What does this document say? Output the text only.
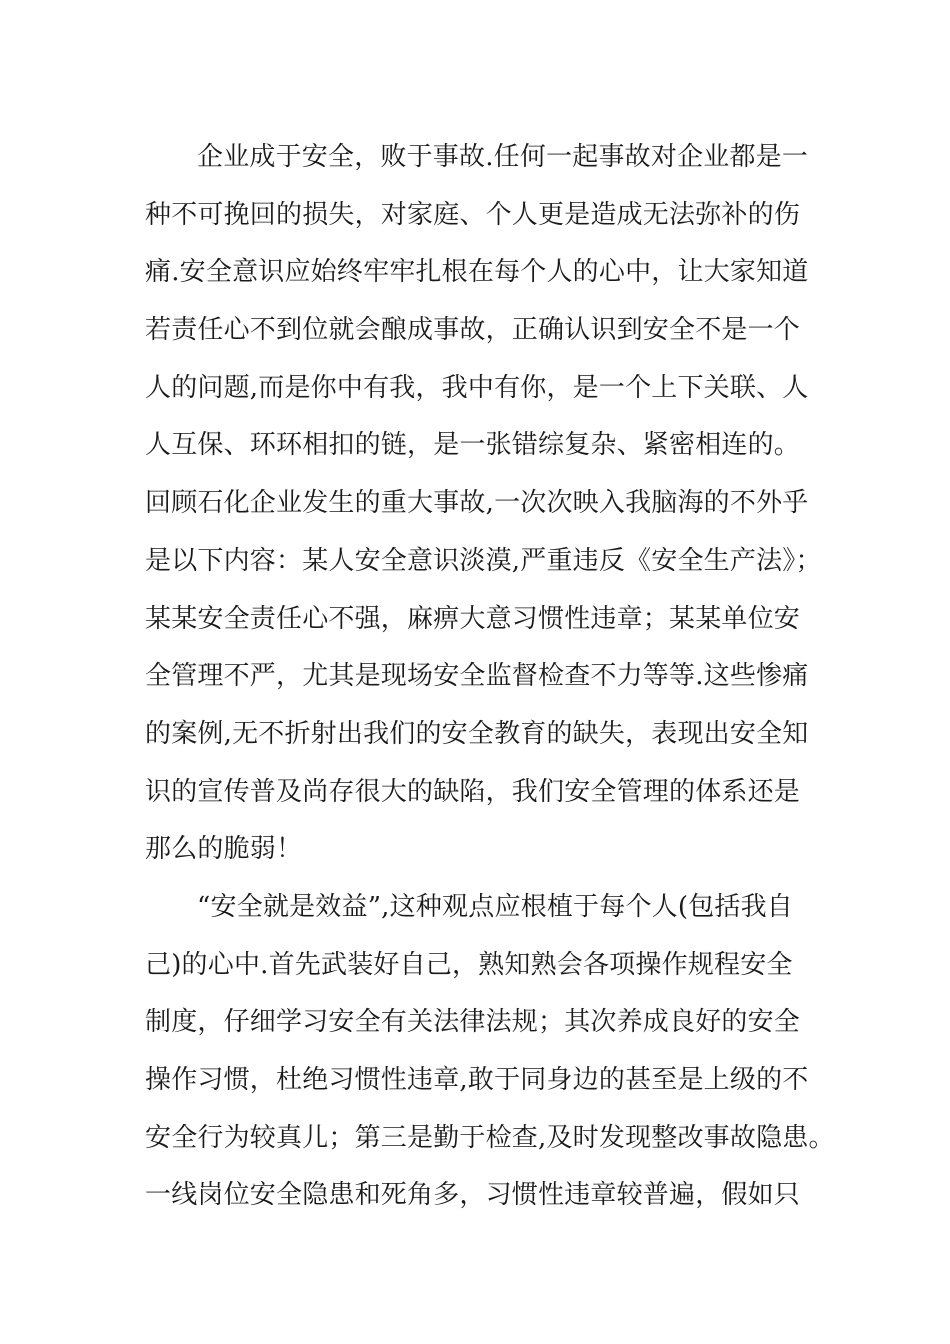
企业成于安全，败于事故.任何一起事故对企业都是一
种不可挽回的损失，对家庭、个人更是造成无法弥补的伤
痛.安全意识应始终牢牢扎根在每个人的心中，让大家知道
若责任心不到位就会酿成事故，正确认识到安全不是一个
人的问题,而是你中有我，我中有你，是一个上下关联、人
人互保、环环相扣的链，是一张错综复杂、紧密相连的。
回顾石化企业发生的重大事故,一次次映入我脑海的不外乎
是以下内容：某人安全意识淡漠,严重违反《安全生产法》；
某某安全责任心不强，麻痹大意习惯性违章；某某单位安
全管理不严，尤其是现场安全监督检查不力等等.这些惨痛
的案例,无不折射出我们的安全教育的缺失，表现出安全知
识的宣传普及尚存很大的缺陷，我们安全管理的体系还是
那么的脆弱！
“安全就是效益”,这种观点应根植于每个人(包括我自
己)的心中.首先武装好自己，熟知熟会各项操作规程安全
制度，仔细学习安全有关法律法规；其次养成良好的安全
操作习惯，杜绝习惯性违章,敢于同身边的甚至是上级的不
安全行为较真儿；第三是勤于检查,及时发现整改事故隐患。
一线岗位安全隐患和死角多，习惯性违章较普遍，假如只
